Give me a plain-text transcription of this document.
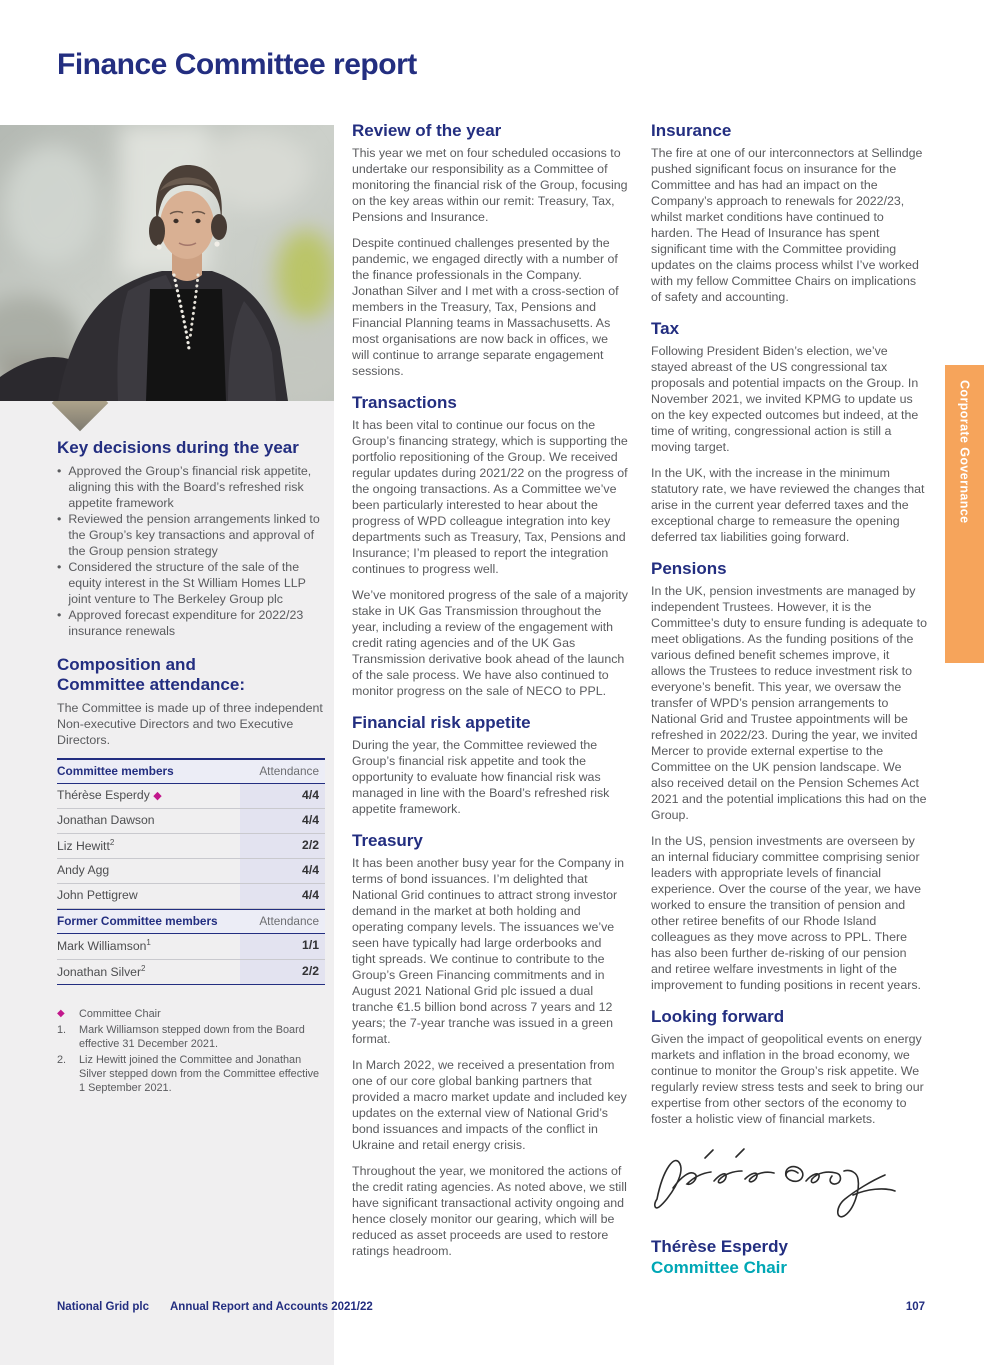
Finance Committee report
Key decisions during the year
• Approved the Group’s financial risk appetite, aligning this with the Board’s refreshed risk appetite framework
• Reviewed the pension arrangements linked to the Group’s key transactions and approval of the Group pension strategy
• Considered the structure of the sale of the equity interest in the St William Homes LLP joint venture to The Berkeley Group plc
• Approved forecast expenditure for 2022/23 insurance renewals
Composition and
Committee attendance:

The Committee is made up of three independent Non-executive Directors and two Executive Directors.

Committee members	Attendance
Thérèse Esperdy ◆	4/4
Jonathan Dawson	4/4
Liz Hewitt$^2$	2/2
Andy Agg	4/4
John Pettigrew	4/4
Former Committee members	Attendance
Mark Williamson$^1$	1/1
Jonathan Silver$^2$	2/2
◆	Committee Chair
1.	Mark Williamson stepped down from the Board effective 31 December 2021.
2.	Liz Hewitt joined the Committee and Jonathan Silver stepped down from the Committee effective 1 September 2021.
Review of the year

This year we met on four scheduled occasions to undertake our responsibility as a Committee of monitoring the financial risk of the Group, focusing on the key areas within our remit: Treasury, Tax, Pensions and Insurance.

Despite continued challenges presented by the pandemic, we engaged directly with a number of the finance professionals in the Company. Jonathan Silver and I met with a cross-section of members in the Treasury, Tax, Pensions and Financial Planning teams in Massachusetts. As most organisations are now back in offices, we will continue to arrange separate engagement sessions.

Transactions

It has been vital to continue our focus on the Group’s financing strategy, which is supporting the portfolio repositioning of the Group. We received regular updates during 2021/22 on the progress of the ongoing transactions. As a Committee we’ve been particularly interested to hear about the progress of WPD colleague integration into key departments such as Treasury, Tax, Pensions and Insurance; I’m pleased to report the integration continues to progress well.

We’ve monitored progress of the sale of a majority stake in UK Gas Transmission throughout the year, including a review of the engagement with credit rating agencies and of the UK Gas Transmission derivative book ahead of the launch of the sale process. We have also continued to monitor progress on the sale of NECO to PPL.

Financial risk appetite

During the year, the Committee reviewed the Group’s financial risk appetite and took the opportunity to evaluate how financial risk was managed in line with the Board’s refreshed risk appetite framework.

Treasury

It has been another busy year for the Company in terms of bond issuances. I’m delighted that National Grid continues to attract strong investor demand in the market at both holding and operating company levels. The issuances we’ve seen have typically had large orderbooks and tight spreads. We continue to contribute to the Group’s Green Financing commitments and in August 2021 National Grid plc issued a dual tranche €1.5 billion bond across 7 years and 12 years; the 7-year tranche was issued in a green format.

In March 2022, we received a presentation from one of our core global banking partners that provided a macro market update and included key updates on the external view of National Grid’s bond issuances and impacts of the conflict in Ukraine and retail energy crisis.

Throughout the year, we monitored the actions of the credit rating agencies. As noted above, we still have significant transactional activity ongoing and hence closely monitor our gearing, which will be reduced as asset proceeds are used to restore ratings headroom.

Insurance

The fire at one of our interconnectors at Sellindge pushed significant focus on insurance for the Committee and has had an impact on the Company’s approach to renewals for 2022/23, whilst market conditions have continued to harden. The Head of Insurance has spent significant time with the Committee providing updates on the claims process whilst I’ve worked with my fellow Committee Chairs on implications of safety and accounting.

Tax

Following President Biden’s election, we’ve stayed abreast of the US congressional tax proposals and potential impacts on the Group. In November 2021, we invited KPMG to update us on the key expected outcomes but indeed, at the time of writing, congressional action is still a moving target.

In the UK, with the increase in the minimum statutory rate, we have reviewed the changes that arise in the current year deferred taxes and the exceptional charge to remeasure the opening deferred tax liabilities going forward.

Pensions

In the UK, pension investments are managed by independent Trustees. However, it is the Committee’s duty to ensure funding is adequate to meet obligations. As the funding positions of the various defined benefit schemes improve, it allows the Trustees to reduce investment risk to everyone’s benefit. This year, we oversaw the transfer of WPD’s pension arrangements to National Grid and Trustee appointments will be refreshed in 2022/23. During the year, we invited Mercer to provide external expertise to the Committee on the UK pension landscape. We also received detail on the Pension Schemes Act 2021 and the potential implications this had on the Group.

In the US, pension investments are overseen by an internal fiduciary committee comprising senior leaders with appropriate levels of financial experience. Over the course of the year, we have worked to ensure the transition of pension and other retiree benefits of our Rhode Island colleagues as they move across to PPL. There has also been further de-risking of our pension and retiree welfare investments in light of the improvement to funding positions in recent years.

Looking forward

Given the impact of geopolitical events on energy markets and inflation in the broad economy, we continue to monitor the Group’s risk appetite. We regularly review stress tests and seek to bring our expertise from other sectors of the economy to foster a holistic view of financial markets.

Thérèse Esperdy
Committee Chair
Corporate Governance
National Grid plc Annual Report and Accounts 2021/22	107
